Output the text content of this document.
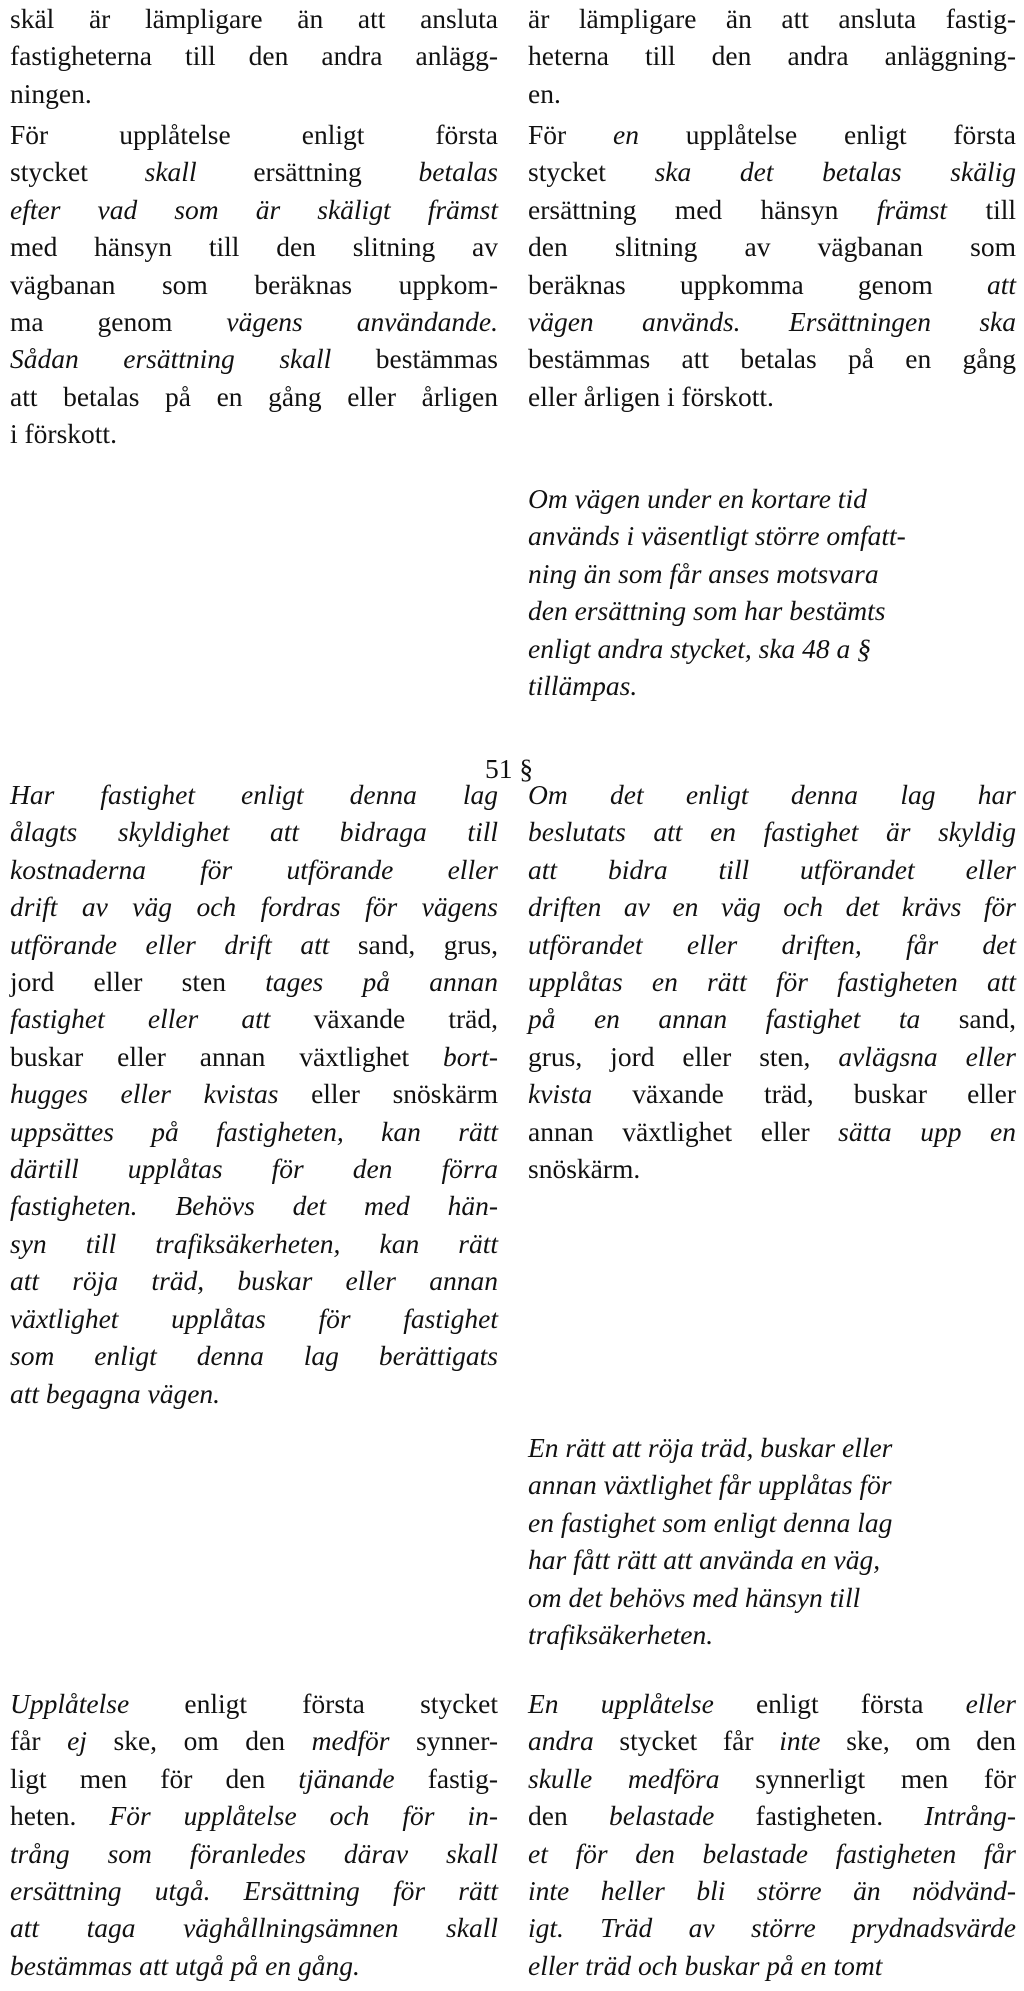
51 §

skäl är lämpligare än att ansluta
fastigheterna till den andra anlägg-
ningen.

För upplåtelse enligt första
stycket skall ersättning betalas
efter vad som är skäligt främst
med hänsyn till den slitning av
vägbanan som beräknas uppkom-
ma genom vägens användande.
Sådan ersättning skall bestämmas
att betalas på en gång eller årligen
i förskott.

Har fastighet enligt denna lag
ålagts skyldighet att bidraga till
kostnaderna för utförande eller
drift av väg och fordras för vägens
utförande eller drift att sand, grus,
jord eller sten tages på annan
fastighet eller att växande träd,
buskar eller annan växtlighet bort-
hugges eller kvistas eller snöskärm
uppsättes på fastigheten, kan rätt
därtill upplåtas för den förra
fastigheten. Behövs det med hän-
syn till trafiksäkerheten, kan rätt
att röja träd, buskar eller annan
växtlighet upplåtas för fastighet
som enligt denna lag berättigats
att begagna vägen.

Upplåtelse enligt första stycket
får ej ske, om den medför synner-
ligt men för den tjänande fastig-
heten. För upplåtelse och för in-
trång som föranledes därav skall
ersättning utgå. Ersättning för rätt
att taga väghållningsämnen skall
bestämmas att utgå på en gång.

är lämpligare än att ansluta fastig-
heterna till den andra anläggning-
en.

För en upplåtelse enligt första
stycket ska det betalas skälig
ersättning med hänsyn främst till
den slitning av vägbanan som
beräknas uppkomma genom att
vägen används. Ersättningen ska
bestämmas att betalas på en gång
eller årligen i förskott.

Om vägen under en kortare tid
används i väsentligt större omfatt-
ning än som får anses motsvara
den ersättning som har bestämts
enligt andra stycket, ska 48 a §
tillämpas.

Om det enligt denna lag har
beslutats att en fastighet är skyldig
att bidra till utförandet eller
driften av en väg och det krävs för
utförandet eller driften, får det
upplåtas en rätt för fastigheten att
på en annan fastighet ta sand,
grus, jord eller sten, avlägsna eller
kvista växande träd, buskar eller
annan växtlighet eller sätta upp en
snöskärm.

En rätt att röja träd, buskar eller
annan växtlighet får upplåtas för
en fastighet som enligt denna lag
har fått rätt att använda en väg,
om det behövs med hänsyn till
trafiksäkerheten.

En upplåtelse enligt första eller
andra stycket får inte ske, om den
skulle medföra synnerligt men för
den belastade fastigheten. Intrång-
et för den belastade fastigheten får
inte heller bli större än nödvänd-
igt. Träd av större prydnadsvärde
eller träd och buskar på en tomt
